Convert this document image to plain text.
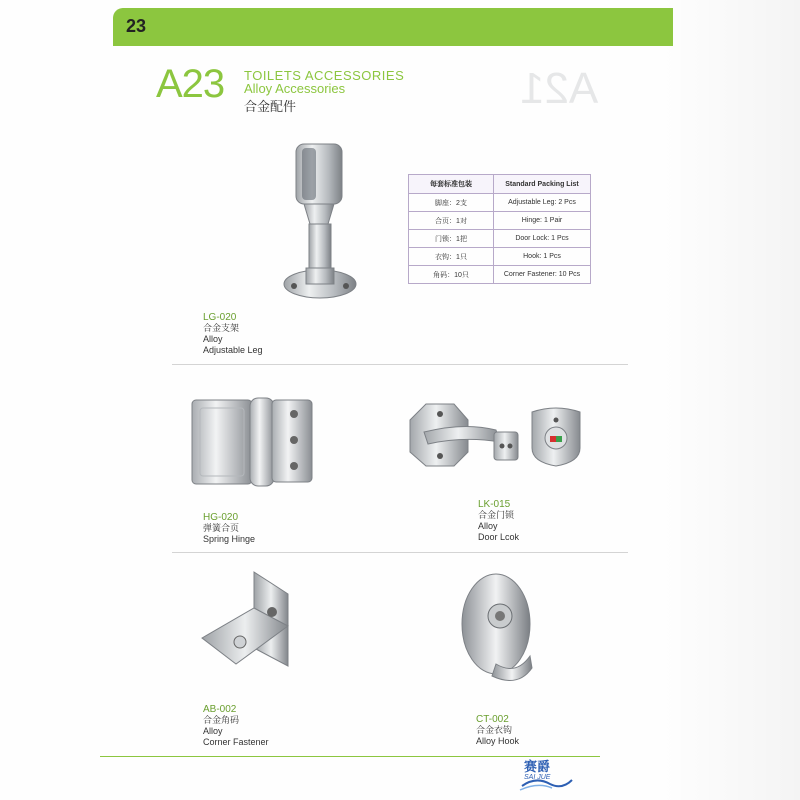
23
A23 TOILETS ACCESSORIES
Alloy Accessories
合金配件	A21
每套标准包装	Standard Packing List
脚座：2支	Adjustable Leg: 2 Pcs
合页：1对	Hinge: 1 Pair
门锁：1把	Door Lock: 1 Pcs
衣钩：1只	Hook: 1 Pcs
角码：10只	Corner Fastener: 10 Pcs
LG-020
合金支架
Alloy
Adjustable Leg
HG-020
弹簧合页
Spring Hinge
LK-015
合金门锁
Alloy
Door Lcok
AB-002
合金角码
Alloy
Corner Fastener
CT-002
合金衣钩
Alloy Hook
赛爵
SAI JUE
